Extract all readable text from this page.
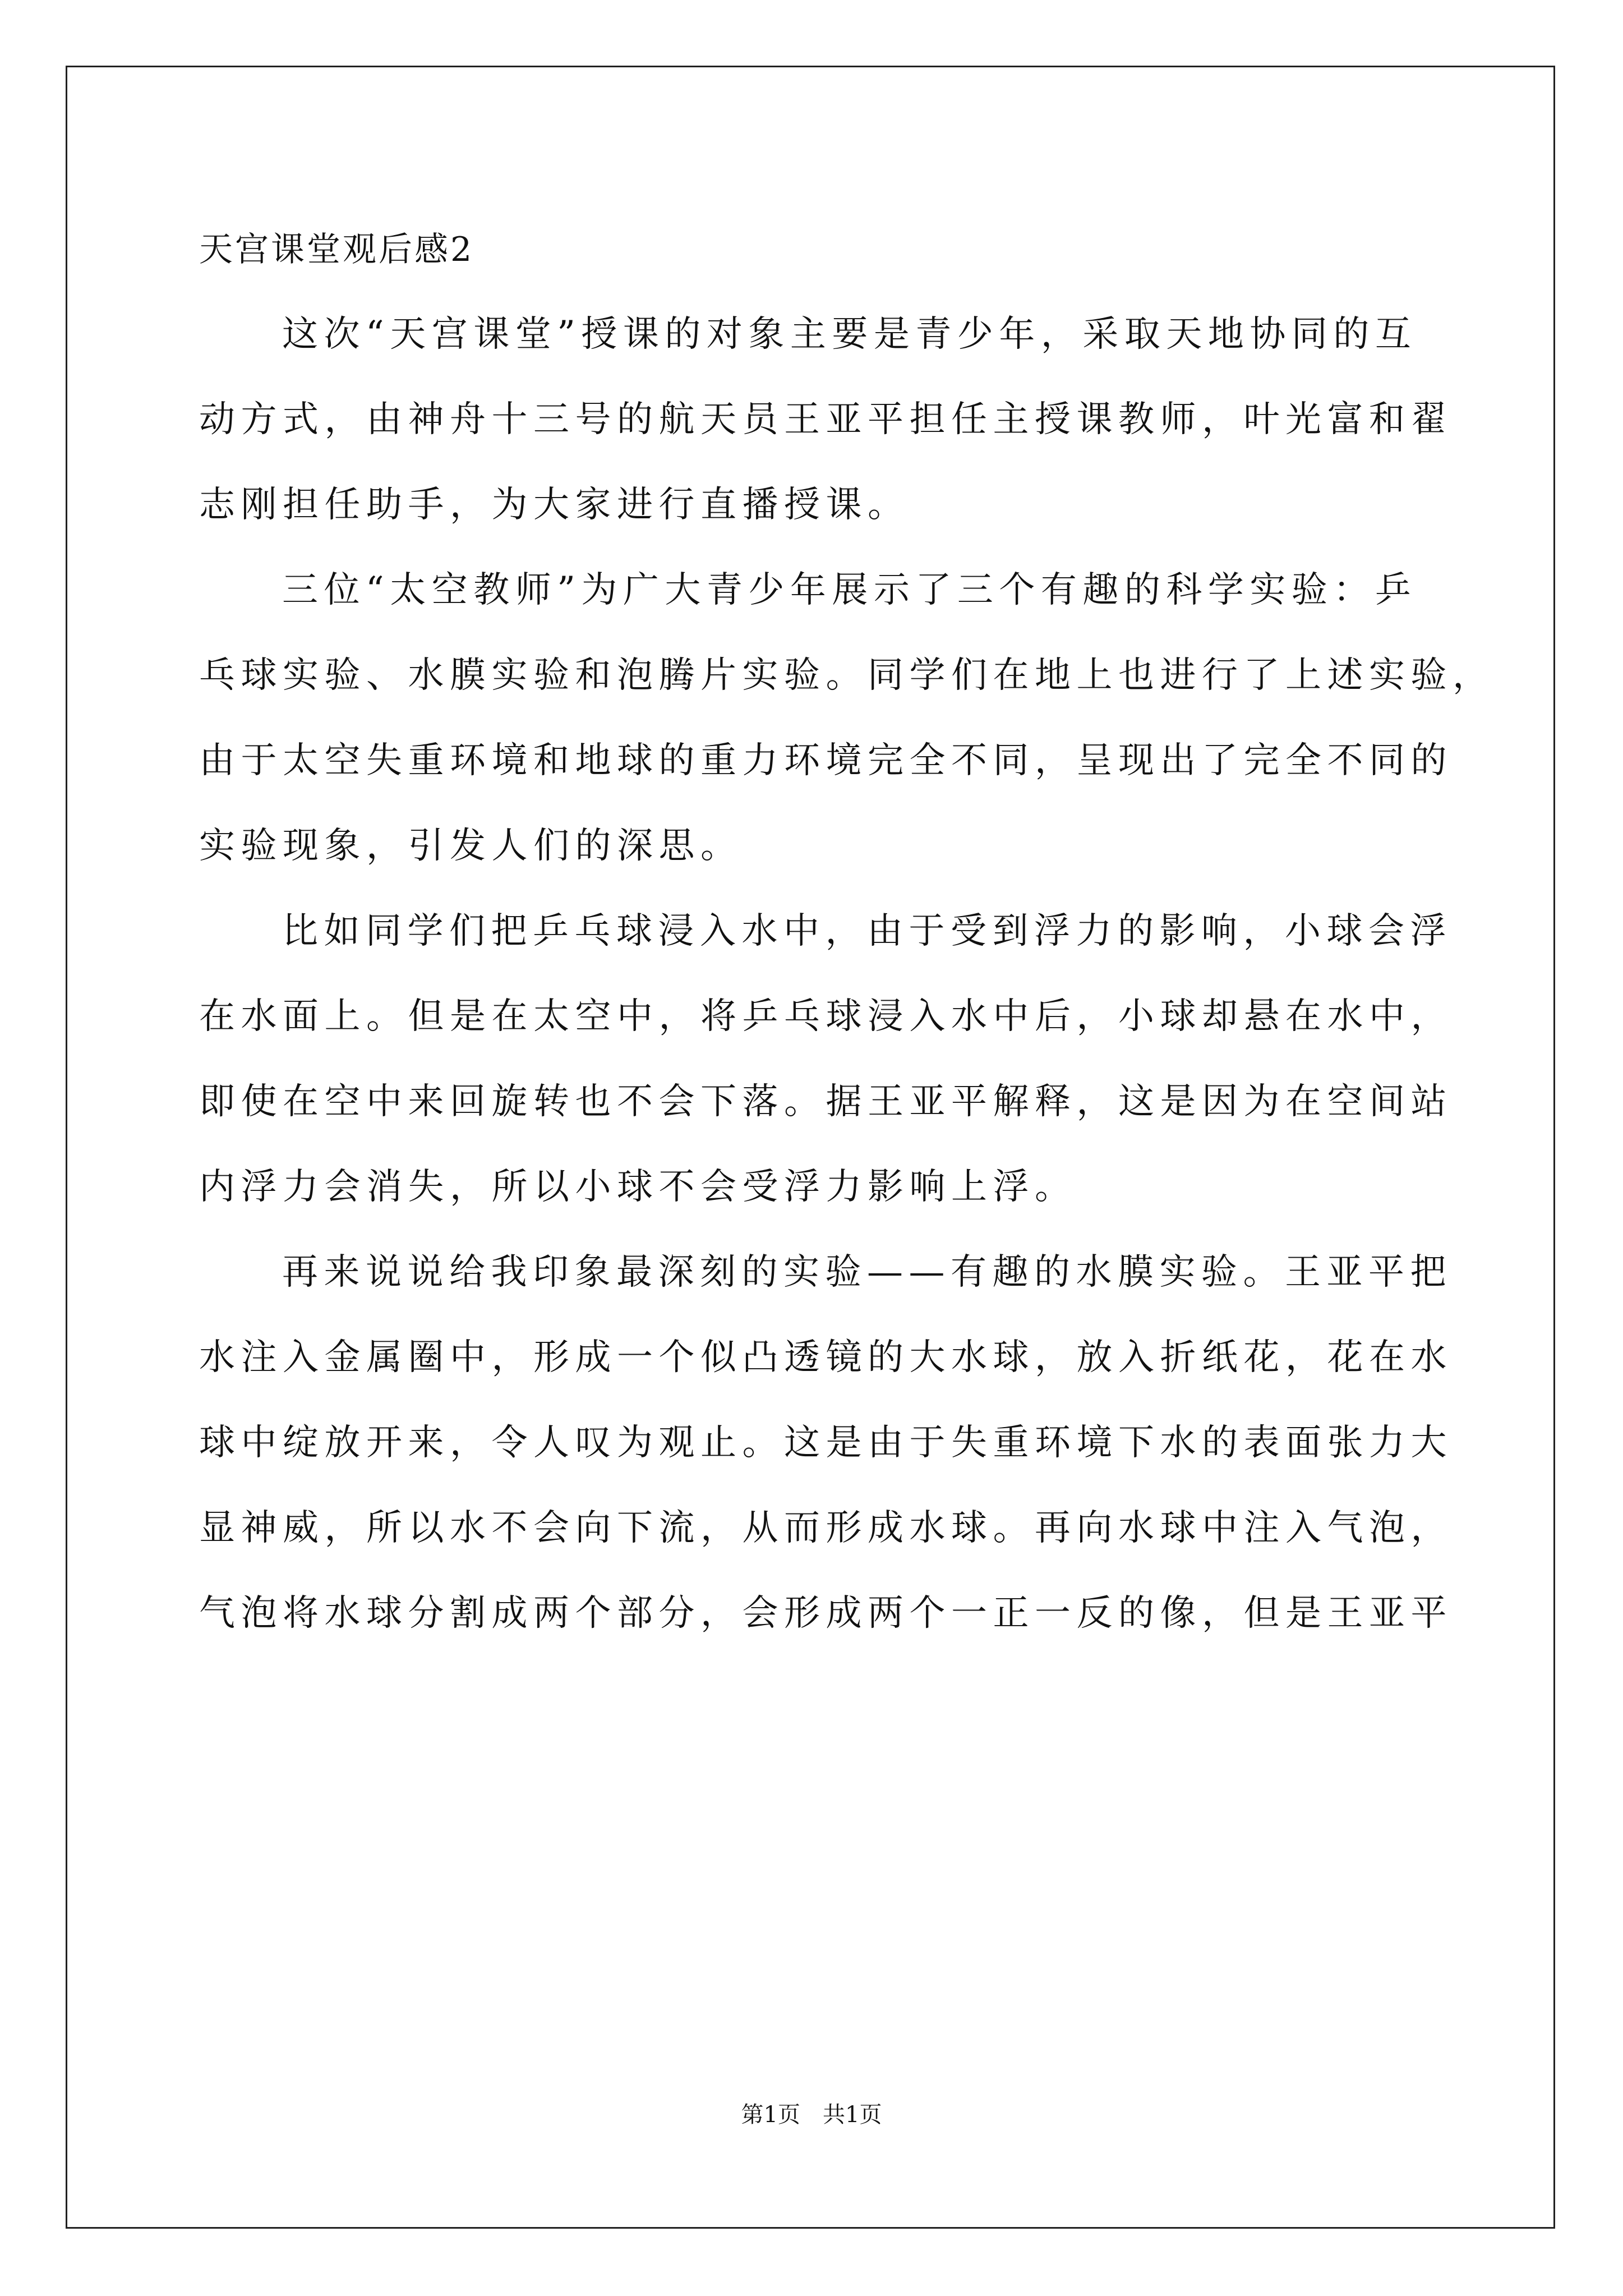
天宫课堂观后感2
这次“天宫课堂”授课的对象主要是青少年，采取天地协同的互
动方式，由神舟十三号的航天员王亚平担任主授课教师，叶光富和翟
志刚担任助手，为大家进行直播授课。
三位“太空教师”为广大青少年展示了三个有趣的科学实验：乒
乓球实验、水膜实验和泡腾片实验。同学们在地上也进行了上述实验，
由于太空失重环境和地球的重力环境完全不同，呈现出了完全不同的
实验现象，引发人们的深思。
比如同学们把乒乓球浸入水中，由于受到浮力的影响，小球会浮
在水面上。但是在太空中，将乒乓球浸入水中后，小球却悬在水中，
即使在空中来回旋转也不会下落。据王亚平解释，这是因为在空间站
内浮力会消失，所以小球不会受浮力影响上浮。
再来说说给我印象最深刻的实验——有趣的水膜实验。王亚平把
水注入金属圈中，形成一个似凸透镜的大水球，放入折纸花，花在水
球中绽放开来，令人叹为观止。这是由于失重环境下水的表面张力大
显神威，所以水不会向下流，从而形成水球。再向水球中注入气泡，
气泡将水球分割成两个部分，会形成两个一正一反的像，但是王亚平
第1页　共1页
